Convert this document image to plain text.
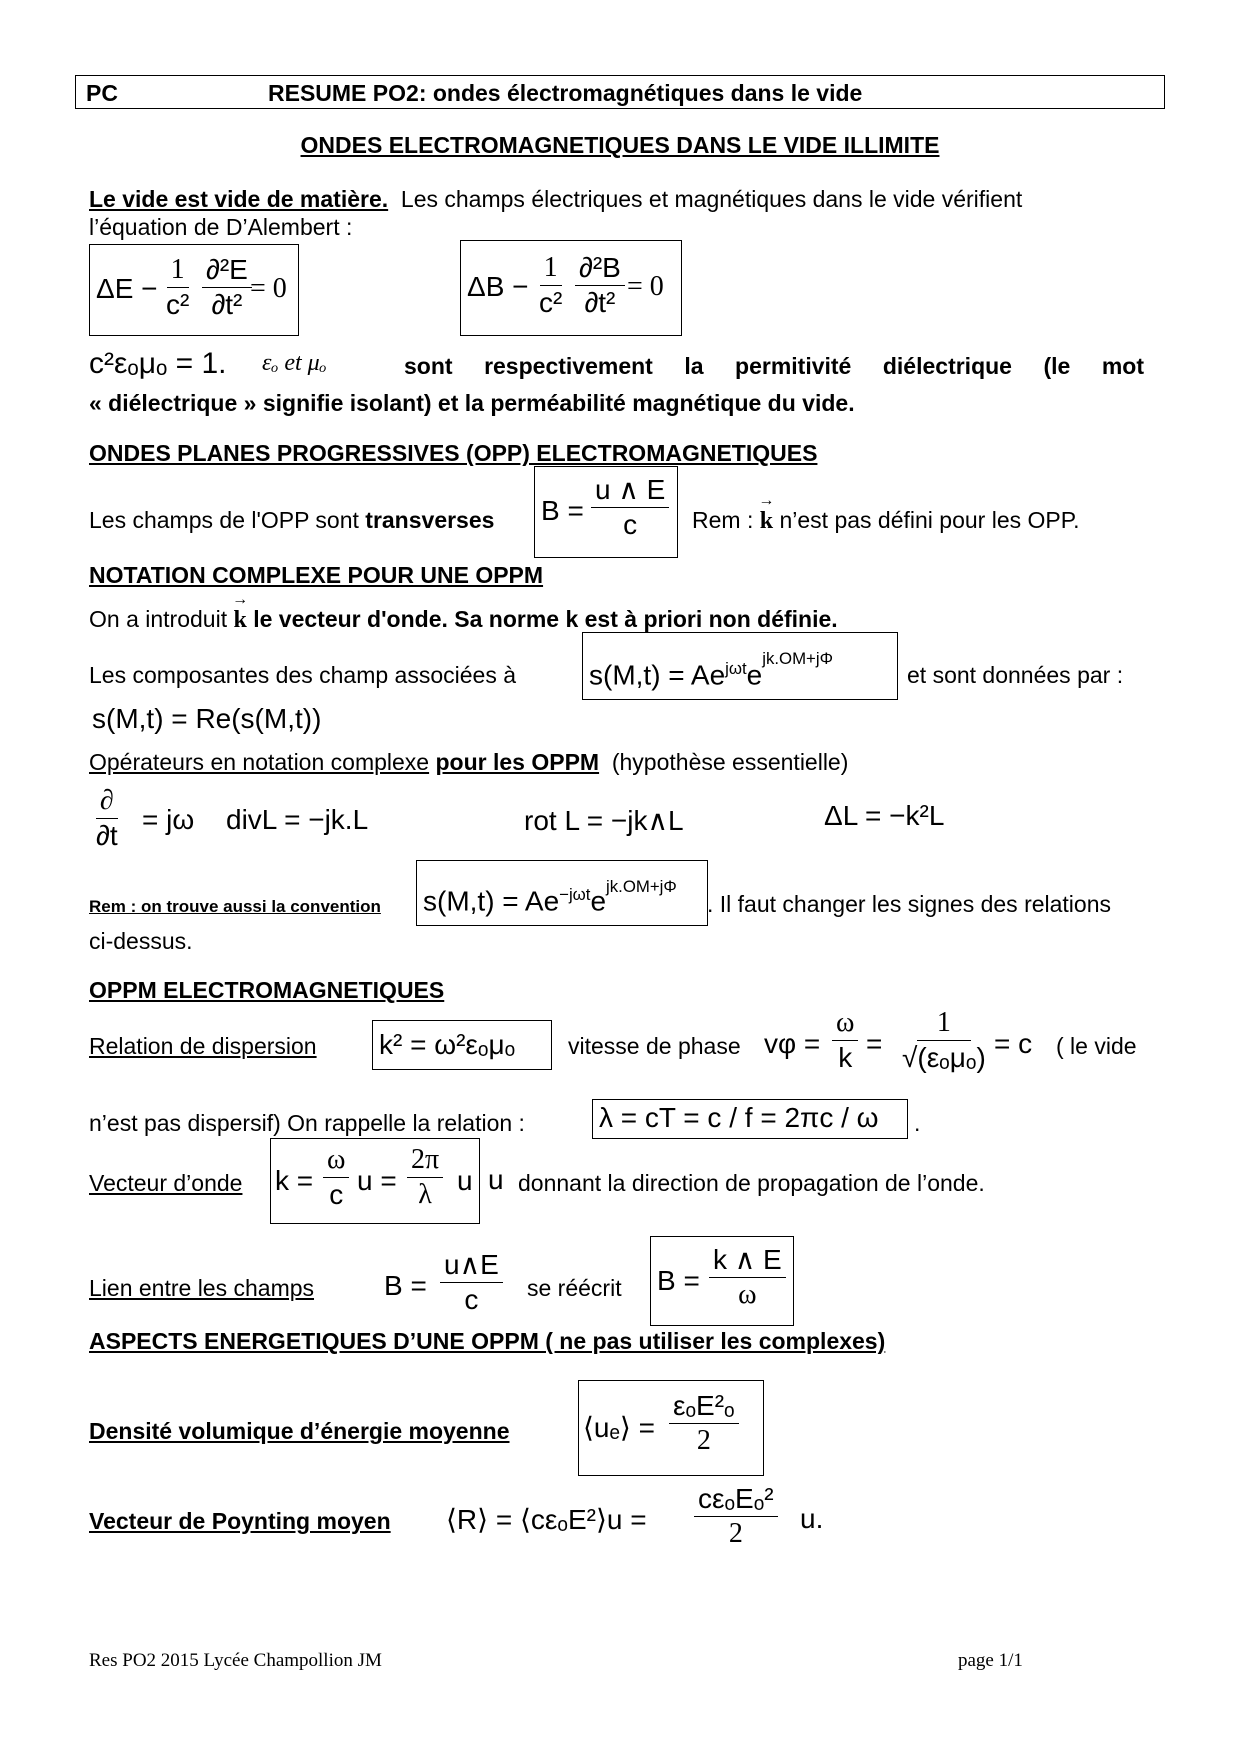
PC	RESUME PO2: ondes électromagnétiques dans le vide
ONDES ELECTROMAGNETIQUES DANS LE VIDE ILLIMITE
Le vide est vide de matière. Les champs électriques et magnétiques dans le vide vérifient
l’équation de D’Alembert :
$\Delta E - \frac{1}{\text{c²}} \frac{\text{∂²E}}{\text{∂t²}}$
= 0	$\Delta B - \frac{1}{\text{c²}} \frac{\text{∂²B}}{\text{∂t²}} = 0$
c²εₒμₒ = 1. εₒ et μₒ	sont respectivement la permitivité diélectrique (le mot
« diélectrique » signifie isolant) et la perméabilité magnétique du vide.
ONDES PLANES PROGRESSIVES (OPP) ELECTROMAGNETIQUES
Les champs de l'OPP sont transverses $B = \frac{u \wedge E}{c}$ Rem : → k n’est pas défini pour les OPP.
NOTATION COMPLEXE POUR UNE OPPM
On a introduit → k le vecteur d'onde. Sa norme k est à priori non définie.
Les composantes des champ associées à	$s(M,t) = Ae^{j\omega t}e^{jk.OM+j\Phi}$
et sont données par :
s(M,t) = Re(s(M,t))
Opérateurs en notation complexe pour les OPPM (hypothèse essentielle)
∂
∂t
= jω divL = −jk.L	rot L = −jk∧L	ΔL = −k²L
Rem : on trouve aussi la convention $s(M,t) = Ae^{-j\omega t}e^{jk.OM+j\Phi}$
. Il faut changer les signes des relations
ci-dessus.
OPPM ELECTROMAGNETIQUES
Relation de dispersion k² = ω²εₒμₒ vitesse de phase $v\varphi = \frac{\omega}{k}$ =
1
√(εₒμₒ) = c ( le vide
n’est pas dispersif) On rappelle la relation :	λ = cT = c / f = 2πc / ω .
Vecteur d’onde $k = \frac{\omega}{c}$ $u = \frac{2\pi}{\lambda}$ u u donnant la direction de propagation de l’onde.
Lien entre les champs $B = \frac{u\wedge E}{c}$ se réécrit $B = \frac{k \wedge E}{\omega}$
ASPECTS ENERGETIQUES D’UNE OPPM ( ne pas utiliser les complexes)
Densité volumique d’énergie moyenne	⟨uₑ⟩ =
εₒE²ₒ
2
Vecteur de Poynting moyen ⟨R⟩ = ⟨cεₒE²⟩u =
cεₒEₒ²
2 u.
Res PO2 2015 Lycée Champollion JM	page 1/1
